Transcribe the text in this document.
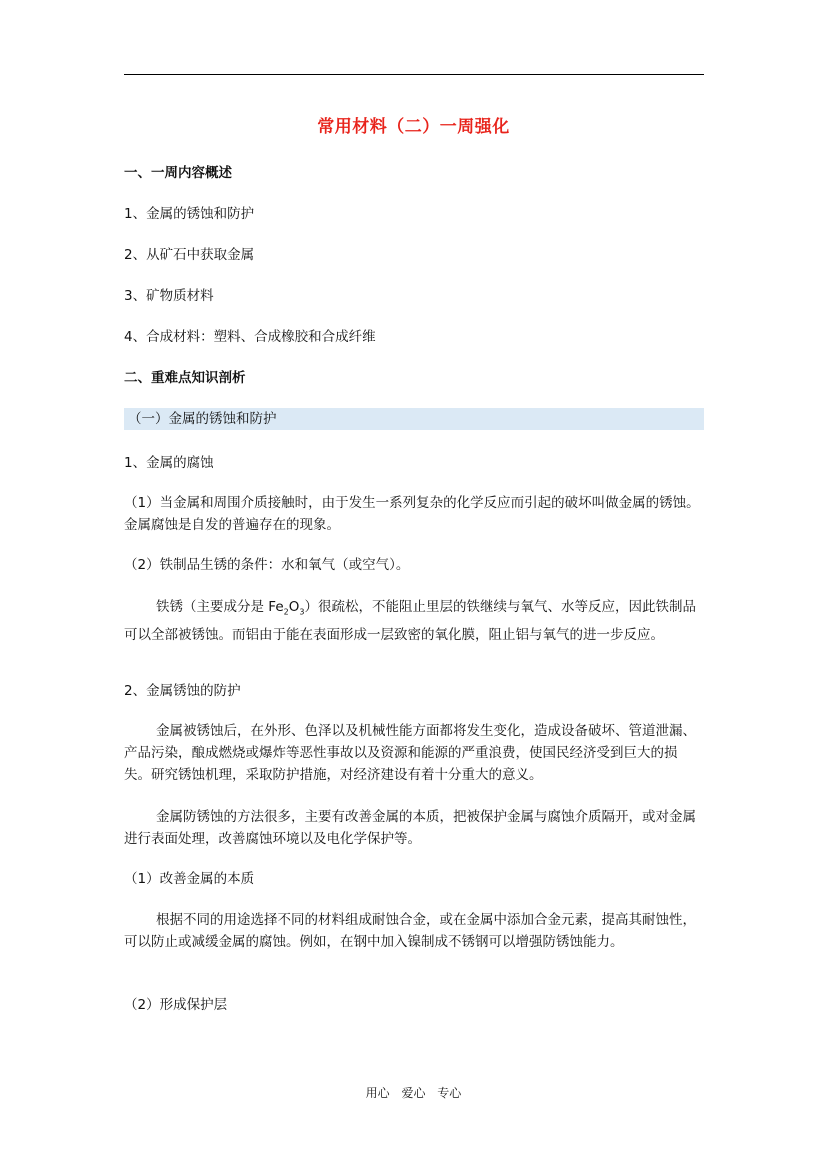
常用材料（二）一周强化
一、一周内容概述
1、金属的锈蚀和防护
2、从矿石中获取金属
3、矿物质材料
4、合成材料：塑料、合成橡胶和合成纤维
二、重难点知识剖析
（一）金属的锈蚀和防护
1、金属的腐蚀
（1）当金属和周围介质接触时，由于发生一系列复杂的化学反应而引起的破坏叫做金属的锈蚀。金属腐蚀是自发的普遍存在的现象。
（2）铁制品生锈的条件：水和氧气（或空气）。
铁锈（主要成分是 $Fe_2O_3$）很疏松，不能阻止里层的铁继续与氧气、水等反应，因此铁制品可以全部被锈蚀。而铝由于能在表面形成一层致密的氧化膜，阻止铝与氧气的进一步反应。
2、金属锈蚀的防护
金属被锈蚀后，在外形、色泽以及机械性能方面都将发生变化，造成设备破坏、管道泄漏、产品污染，酿成燃烧或爆炸等恶性事故以及资源和能源的严重浪费，使国民经济受到巨大的损失。研究锈蚀机理，采取防护措施，对经济建设有着十分重大的意义。
金属防锈蚀的方法很多，主要有改善金属的本质，把被保护金属与腐蚀介质隔开，或对金属进行表面处理，改善腐蚀环境以及电化学保护等。
（1）改善金属的本质
根据不同的用途选择不同的材料组成耐蚀合金，或在金属中添加合金元素，提高其耐蚀性，可以防止或减缓金属的腐蚀。例如，在钢中加入镍制成不锈钢可以增强防锈蚀能力。
（2）形成保护层
用心 爱心 专心
